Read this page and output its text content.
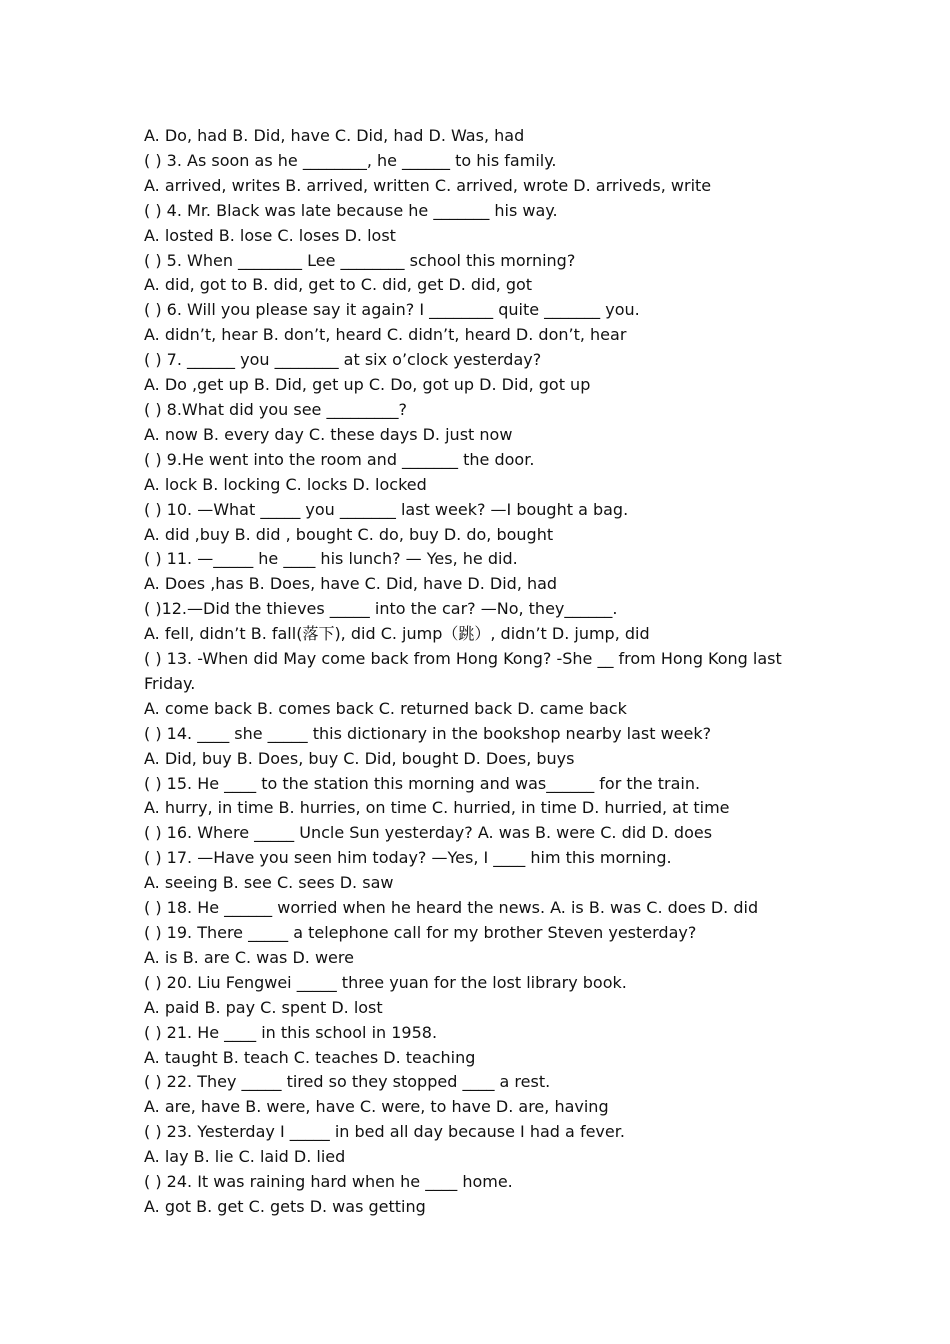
A. Do, had B. Did, have C. Did, had D. Was, had

( ) 3. As soon as he ________, he ______ to his family.

A. arrived, writes B. arrived, written C. arrived, wrote D. arriveds, write

( ) 4. Mr. Black was late because he _______ his way.

A. losted B. lose C. loses D. lost

( ) 5. When ________ Lee ________ school this morning?

A. did, got to B. did, get to C. did, get D. did, got

( ) 6. Will you please say it again? I ________ quite _______ you.

A. didn’t, hear B. don’t, heard C. didn’t, heard D. don’t, hear

( ) 7. ______ you ________ at six o’clock yesterday?

A. Do ,get up B. Did, get up C. Do, got up D. Did, got up

( ) 8.What did you see _________?

A. now B. every day C. these days D. just now

( ) 9.He went into the room and _______ the door.

A. lock B. locking C. locks D. locked

( ) 10. —What _____ you _______ last week? —I bought a bag.

A. did ,buy B. did , bought C. do, buy D. do, bought

( ) 11. —_____ he ____ his lunch? — Yes, he did.

A. Does ,has B. Does, have C. Did, have D. Did, had

( )12.—Did the thieves _____ into the car? —No, they______.

A. fell, didn’t B. fall(落下), did C. jump（跳）, didn’t D. jump, did

( ) 13. -When did May come back from Hong Kong? -She __ from Hong Kong last Friday.

A. come back B. comes back C. returned back D. came back

( ) 14. ____ she _____ this dictionary in the bookshop nearby last week?

A. Did, buy B. Does, buy C. Did, bought D. Does, buys

( ) 15. He ____ to the station this morning and was______ for the train.

A. hurry, in time B. hurries, on time C. hurried, in time D. hurried, at time

( ) 16. Where _____ Uncle Sun yesterday? A. was B. were C. did D. does

( ) 17. —Have you seen him today? —Yes, I ____ him this morning.

A. seeing B. see C. sees D. saw

( ) 18. He ______ worried when he heard the news. A. is B. was C. does D. did

( ) 19. There _____ a telephone call for my brother Steven yesterday?

A. is B. are C. was D. were

( ) 20. Liu Fengwei _____ three yuan for the lost library book.

A. paid B. pay C. spent D. lost

( ) 21. He ____ in this school in 1958.

A. taught B. teach C. teaches D. teaching

( ) 22. They _____ tired so they stopped ____ a rest.

A. are, have B. were, have C. were, to have D. are, having

( ) 23. Yesterday I _____ in bed all day because I had a fever.

A. lay B. lie C. laid D. lied

( ) 24. It was raining hard when he ____ home.

A. got B. get C. gets D. was getting
